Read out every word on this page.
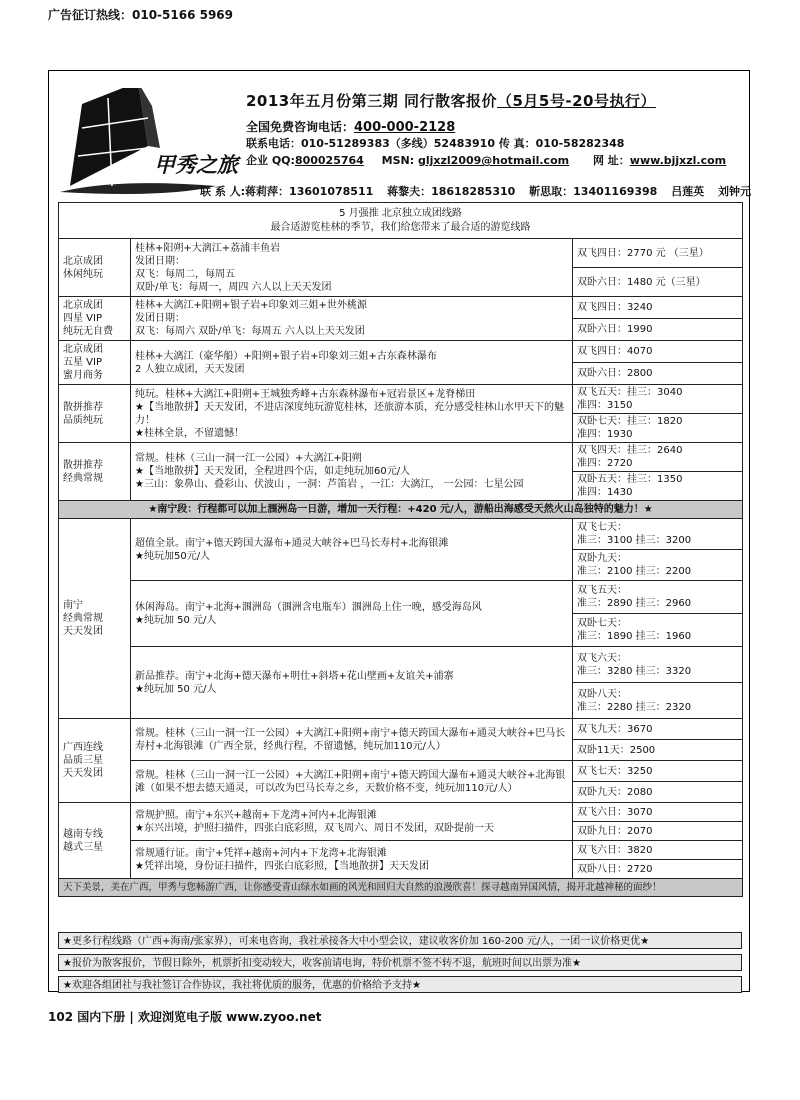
广告征订热线：010-5166 5969
甲秀之旅
2013年五月份第三期 同行散客报价（5月5号-20号执行）
全国免费咨询电话：400-000-2128
联系电话：010-51289383（多线）52483910 传 真：010-58282348
企业 QQ:800025764 MSN: gljxzl2009@hotmail.com 网 址：www.bjjxzl.com
联 系 人:蒋莉萍：13601078511 蒋黎夫：18618285310 靳思取：13401169398 吕莲英 刘钟元
5 月强推 北京独立成团线路
最合适游览桂林的季节，我们给您带来了最合适的游览线路		

北京成团
休闲纯玩	桂林+阳朔+大漓江+荔浦丰鱼岩
发团日期：
双飞：每周二，每周五
双卧/单飞：每周一，周四 六人以上天天发团	双飞四日：2770 元 （三星）
		双卧六日：1480 元（三星）
北京成团
四星 VIP
纯玩无自费	桂林+大漓江+阳朔+银子岩+印象刘三姐+世外桃源
发团日期：
双飞：每周六 双卧/单飞：每周五 六人以上天天发团	双飞四日：3240
		双卧六日：1990
北京成团
五星 VIP
蜜月商务	桂林+大漓江（豪华船）+阳朔+银子岩+印象刘三姐+古东森林瀑布
2 人独立成团，天天发团	双飞四日：4070
		双卧六日：2800
散拼推荐
品质纯玩	纯玩。桂林+大漓江+阳朔+王城独秀峰+古东森林瀑布+冠岩景区+龙脊梯田
★【当地散拼】天天发团，不进店深度纯玩游览桂林，还旅游本质，充分感受桂林山水甲天下的魅力！
★桂林全景，不留遗憾！	双飞五天：挂三：3040
准四：3150
		双卧七天：挂三：1820
准四：1930
散拼推荐
经典常规	常规。桂林（三山一洞一江一公园）+大漓江+阳朔
★【当地散拼】天天发团，全程进四个店，如走纯玩加60元/人
★三山：象鼻山、叠彩山、伏波山 ，一洞：芦笛岩 ，一江：大漓江， 一公园：七星公园	双飞四天：挂三：2640
准四：2720
		双卧五天：挂三：1350
准四：1430
★南宁段：行程都可以加上涠洲岛一日游，增加一天行程：+420 元/人，游船出海感受天然火山岛独特的魅力！★		
南宁
经典常规
天天发团	超值全景。南宁+德天跨国大瀑布+通灵大峡谷+巴马长寿村+北海银滩
★纯玩加50元/人	双飞七天：
准三：3100 挂三：3200
		双卧九天：
准三：2100 挂三：2200
	休闲海岛。南宁+北海+涠洲岛（涠洲含电瓶车）涠洲岛上住一晚，感受海岛风
★纯玩加 50 元/人	双飞五天：
准三：2890 挂三：2960
		双卧七天：
准三：1890 挂三：1960
	新品推荐。南宁+北海+德天瀑布+明仕+斜塔+花山壁画+友谊关+浦寨
★纯玩加 50 元/人	双飞六天：
准三：3280 挂三：3320
		双卧八天：
准三：2280 挂三：2320
广西连线
品质三星
天天发团	常规。桂林（三山一洞一江一公园）+大漓江+阳朔+南宁+德天跨国大瀑布+通灵大峡谷+巴马长寿村+北海银滩（广西全景，经典行程，不留遗憾，纯玩加110元/人）	双飞九天：3670
		双卧11天：2500
	常规。桂林（三山一洞一江一公园）+大漓江+阳朔+南宁+德天跨国大瀑布+通灵大峡谷+北海银滩（如果不想去德天通灵，可以改为巴马长寿之乡，天数价格不变，纯玩加110元/人）	双飞七天：3250
		双卧九天：2080
越南专线
越式三星	常规护照。南宁+东兴+越南+下龙湾+河内+北海银滩
★东兴出境，护照扫描件，四张白底彩照，双飞周六、周日不发团，双卧提前一天	双飞六日：3070
		双卧九日：2070
	常规通行证。南宁+凭祥+越南+河内+下龙湾+北海银滩
★凭祥出境，身份证扫描件，四张白底彩照，【当地散拼】天天发团	双飞六日：3820
		双卧八日：2720
天下美景，美在广西，甲秀与您畅游广西，让你感受青山绿水如画的风光和回归大自然的浪漫欣喜！探寻越南异国风情，揭开北越神秘的面纱！		
★更多行程线路（广西+海南/张家界），可来电咨询，我社承接各大中小型会议，建议收客价加 160-200 元/人，一团一议价格更优★
★报价为散客报价，节假日除外，机票折扣变动较大，收客前请电询，特价机票不签不转不退，航班时间以出票为准★
★欢迎各组团社与我社签订合作协议，我社将优质的服务，优惠的价格给予支持★
102 国内下册 | 欢迎浏览电子版 www.zyoo.net
